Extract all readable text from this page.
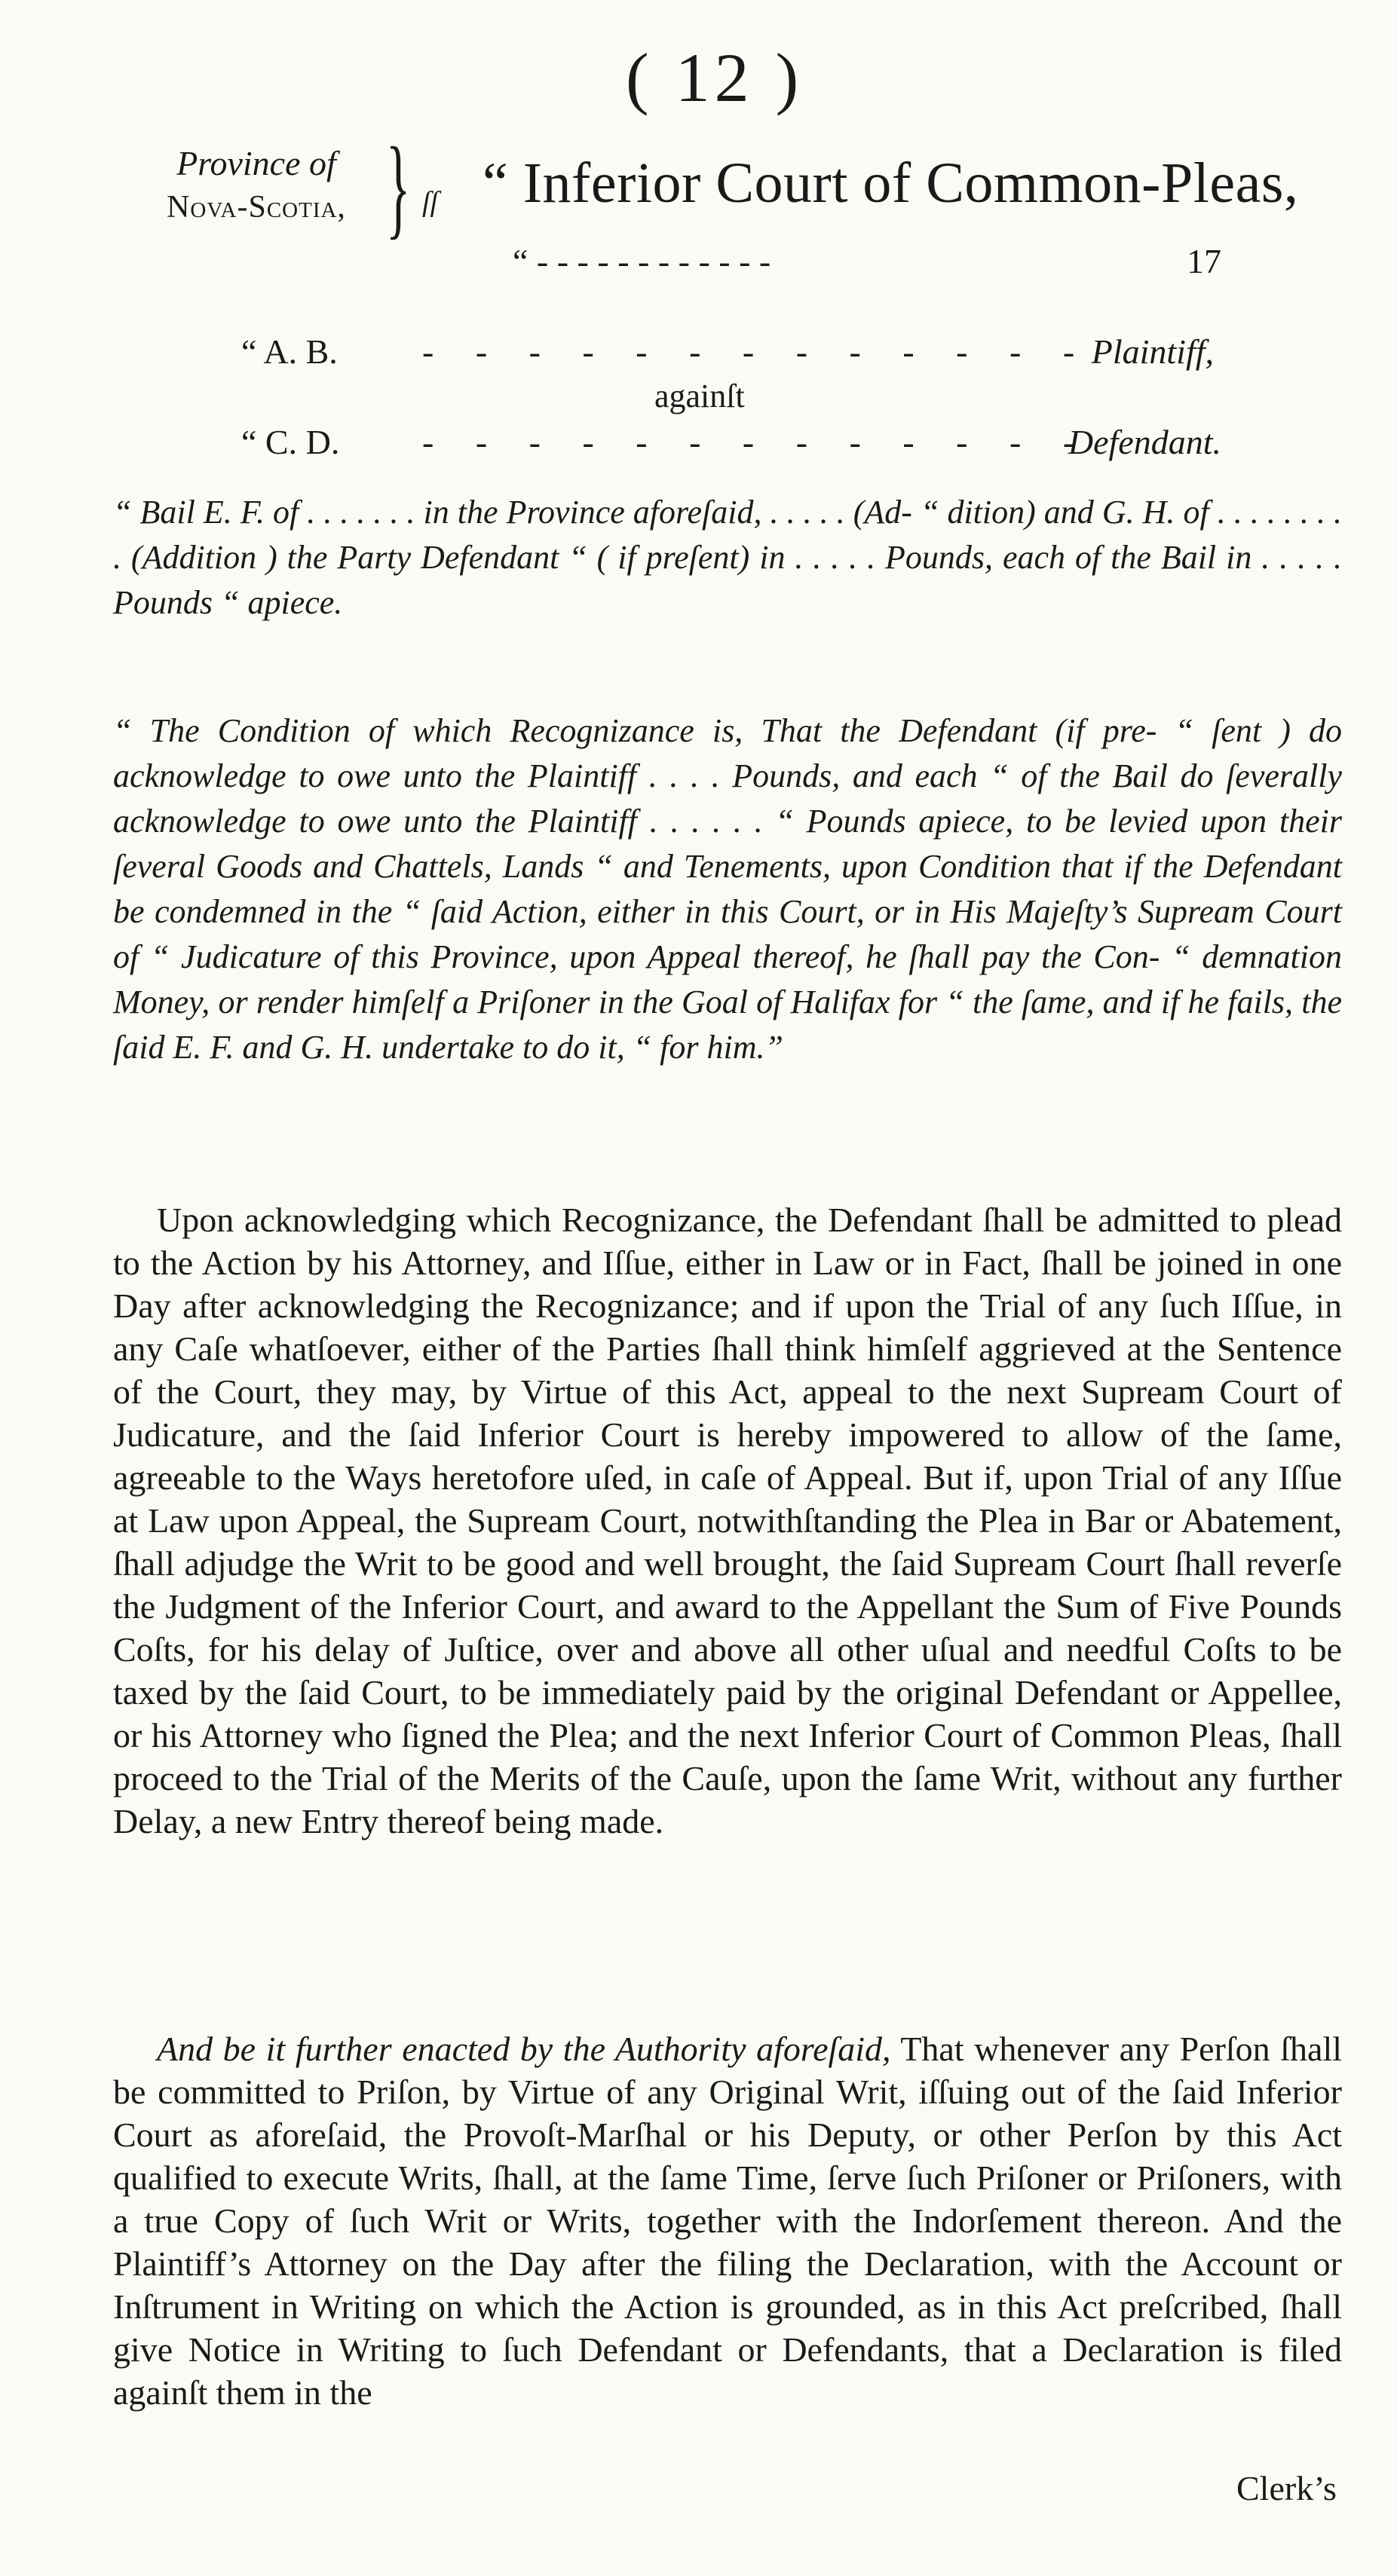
( 12 )
Province of
Nova-Scotia, } ſſ “ Inferior Court of Common-Pleas,
“ - - - - - - - - - - - -	17
“ A. B. - - - - - - - - - - - - - Plaintiff,
againſt
“ C. D. - - - - - - - - - - - - -
Defendant.

“ Bail E. F. of . . . . . . . in the Province aforeſaid, . . . . . (Ad- “ dition) and G. H. of . . . . . . . . . (Addition ) the Party Defendant “ ( if preſent) in . . . . . Pounds, each of the Bail in . . . . . Pounds “ apiece.

“ The Condition of which Recognizance is, That the Defendant (if pre- “ ſent ) do acknowledge to owe unto the Plaintiff . . . . Pounds, and each “ of the Bail do ſeverally acknowledge to owe unto the Plaintiff . . . . . . “ Pounds apiece, to be levied upon their ſeveral Goods and Chattels, Lands “ and Tenements, upon Condition that if the Defendant be condemned in the “ ſaid Action, either in this Court, or in His Majeſty’s Supream Court of “ Judicature of this Province, upon Appeal thereof, he ſhall pay the Con- “ demnation Money, or render himſelf a Priſoner in the Goal of Halifax for “ the ſame, and if he fails, the ſaid E. F. and G. H. undertake to do it, “ for him.”

Upon acknowledging which Recognizance, the Defendant ſhall be admitted to plead to the Action by his Attorney, and Iſſue, either in Law or in Fact, ſhall be joined in one Day after acknowledging the Recognizance; and if upon the Trial of any ſuch Iſſue, in any Caſe whatſoever, either of the Parties ſhall think himſelf aggrieved at the Sentence of the Court, they may, by Virtue of this Act, appeal to the next Supream Court of Judicature, and the ſaid Inferior Court is hereby impowered to allow of the ſame, agreeable to the Ways heretofore uſed, in caſe of Appeal. But if, upon Trial of any Iſſue at Law upon Appeal, the Supream Court, notwithſtanding the Plea in Bar or Abatement, ſhall adjudge the Writ to be good and well brought, the ſaid Supream Court ſhall reverſe the Judgment of the Inferior Court, and award to the Appellant the Sum of Five Pounds Coſts, for his delay of Juſtice, over and above all other uſual and needful Coſts to be taxed by the ſaid Court, to be immediately paid by the original Defendant or Appellee, or his Attorney who ſigned the Plea; and the next Inferior Court of Common Pleas, ſhall proceed to the Trial of the Merits of the Cauſe, upon the ſame Writ, without any further Delay, a new Entry thereof being made.

And be it further enacted by the Authority aforeſaid, That whenever any Perſon ſhall be committed to Priſon, by Virtue of any Original Writ, iſſuing out of the ſaid Inferior Court as aforeſaid, the Provoſt-Marſhal or his Deputy, or other Perſon by this Act qualified to execute Writs, ſhall, at the ſame Time, ſerve ſuch Priſoner or Priſoners, with a true Copy of ſuch Writ or Writs, together with the Indorſement thereon. And the Plaintiff’s Attorney on the Day after the filing the Declaration, with the Account or Inſtrument in Writing on which the Action is grounded, as in this Act preſcribed, ſhall give Notice in Writing to ſuch Defendant or Defendants, that a Declaration is filed againſt them in the

Clerk’s
